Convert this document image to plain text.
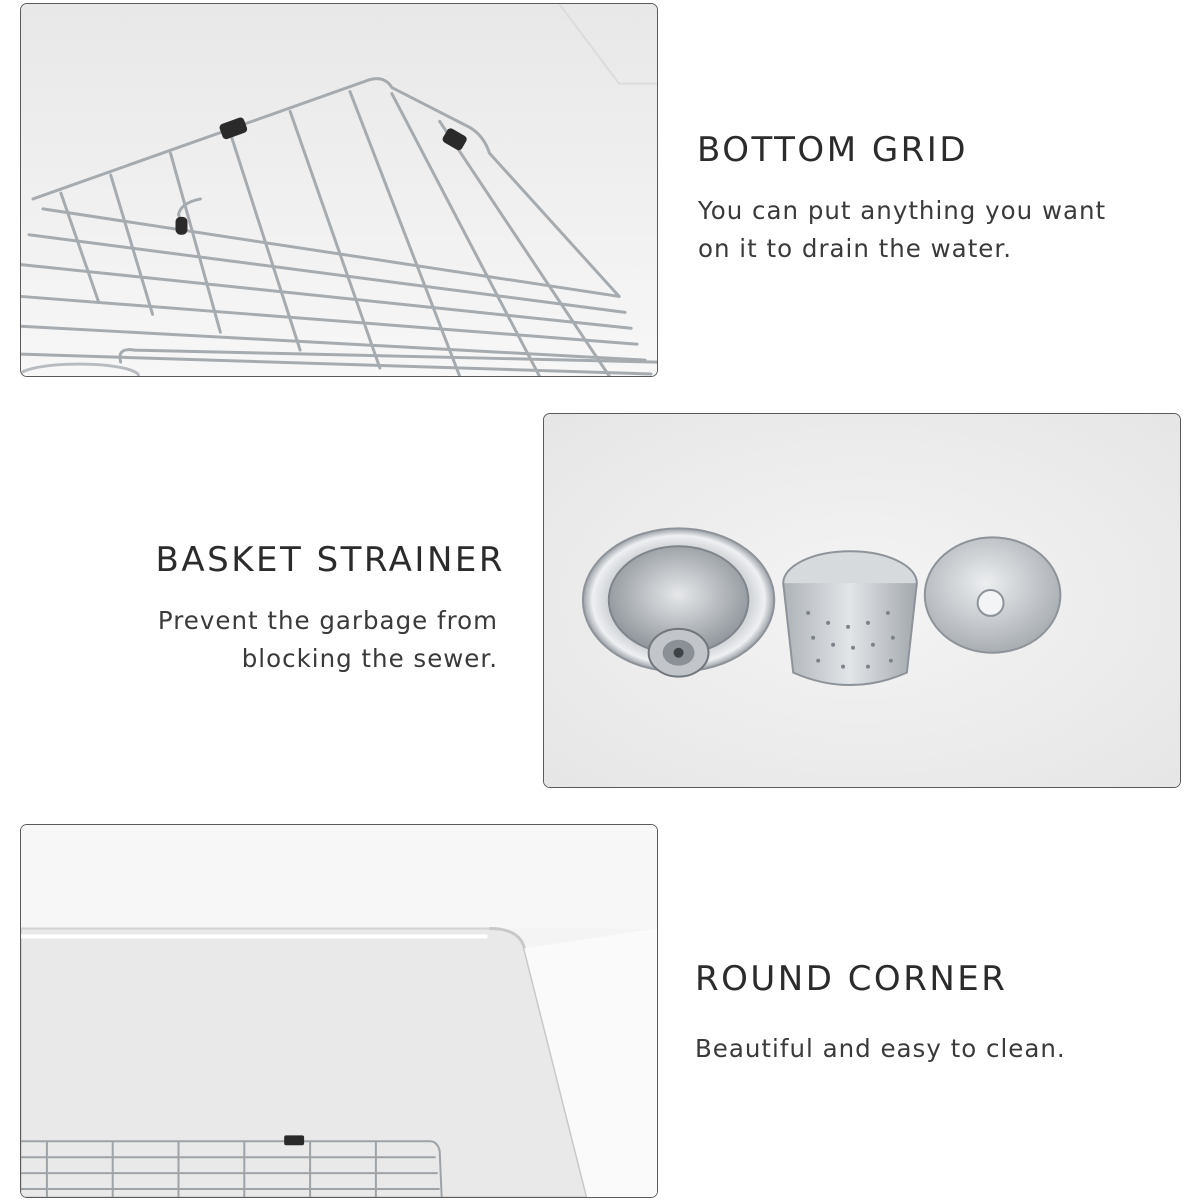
BOTTOM GRID

You can put anything you want
on it to drain the water.

BASKET STRAINER

Prevent the garbage from
blocking the sewer.

ROUND CORNER

Beautiful and easy to clean.
